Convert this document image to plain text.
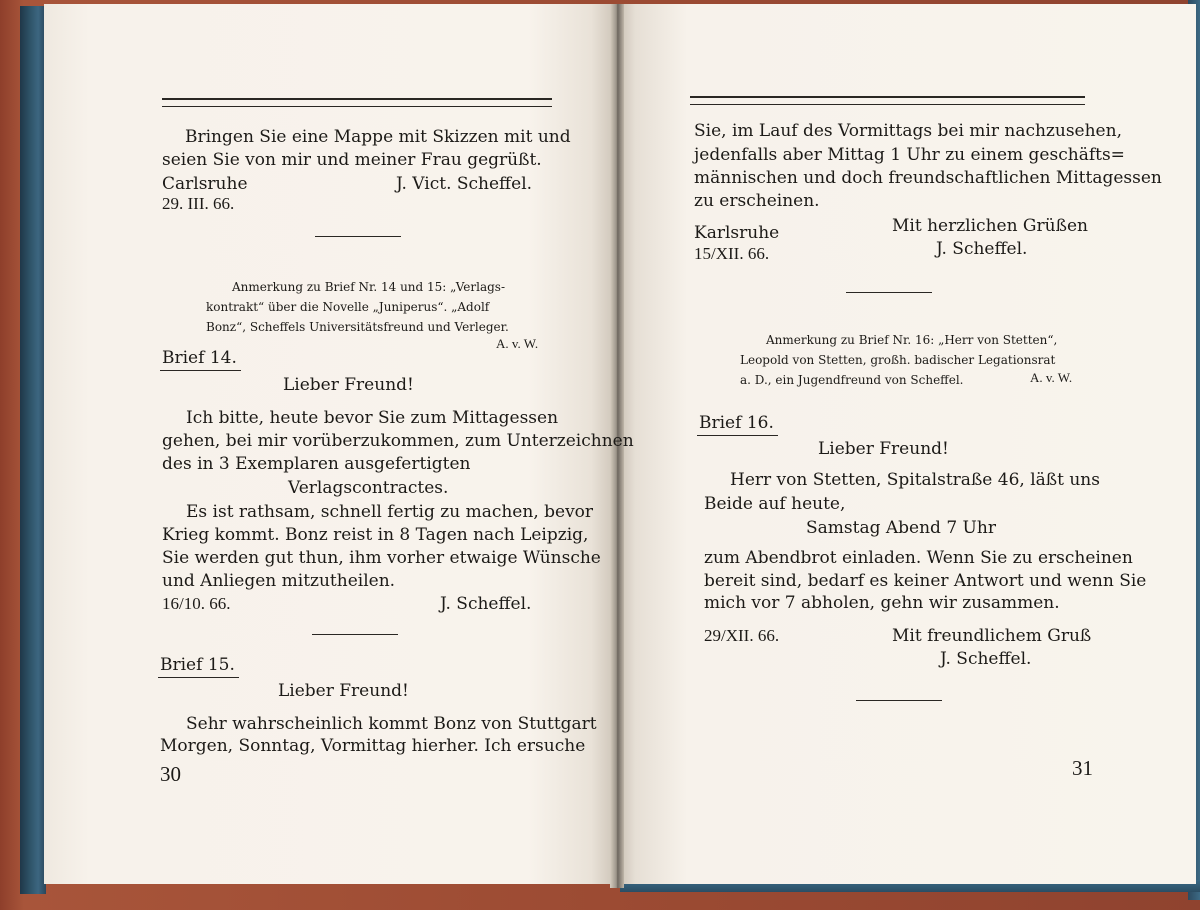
Bringen Sie eine Mappe mit Skizzen mit und
seien Sie von mir und meiner Frau gegrüßt.
Carlsruhe	J. Vict. Scheffel.
29. III. 66.
Anmerkung zu Brief Nr. 14 und 15: „Verlags-
kontrakt“ über die Novelle „Juniperus“. „Adolf
Bonz“, Scheffels Universitätsfreund und Verleger.
A. v. W.
Brief 14.
Lieber Freund!
Ich bitte, heute bevor Sie zum Mittagessen
gehen, bei mir vorüberzukommen, zum Unterzeichnen
des in 3 Exemplaren ausgefertigten
Verlagscontractes.
Es ist rathsam, schnell fertig zu machen, bevor
Krieg kommt. Bonz reist in 8 Tagen nach Leipzig,
Sie werden gut thun, ihm vorher etwaige Wünsche
und Anliegen mitzutheilen.
16/10. 66.	J. Scheffel.
Brief 15.
Lieber Freund!
Sehr wahrscheinlich kommt Bonz von Stuttgart
Morgen, Sonntag, Vormittag hierher. Ich ersuche
30
Sie, im Lauf des Vormittags bei mir nachzusehen,
jedenfalls aber Mittag 1 Uhr zu einem geschäfts=
männischen und doch freundschaftlichen Mittagessen
zu erscheinen.
Karlsruhe	Mit herzlichen Grüßen
15/XII. 66.	J. Scheffel.
Anmerkung zu Brief Nr. 16: „Herr von Stetten“,
Leopold von Stetten, großh. badischer Legationsrat
a. D., ein Jugendfreund von Scheffel.	A. v. W.
Brief 16.
Lieber Freund!
Herr von Stetten, Spitalstraße 46, läßt uns
Beide auf heute,
Samstag Abend 7 Uhr
zum Abendbrot einladen. Wenn Sie zu erscheinen
bereit sind, bedarf es keiner Antwort und wenn Sie
mich vor 7 abholen, gehn wir zusammen.
29/XII. 66.	Mit freundlichem Gruß
J. Scheffel.
31
